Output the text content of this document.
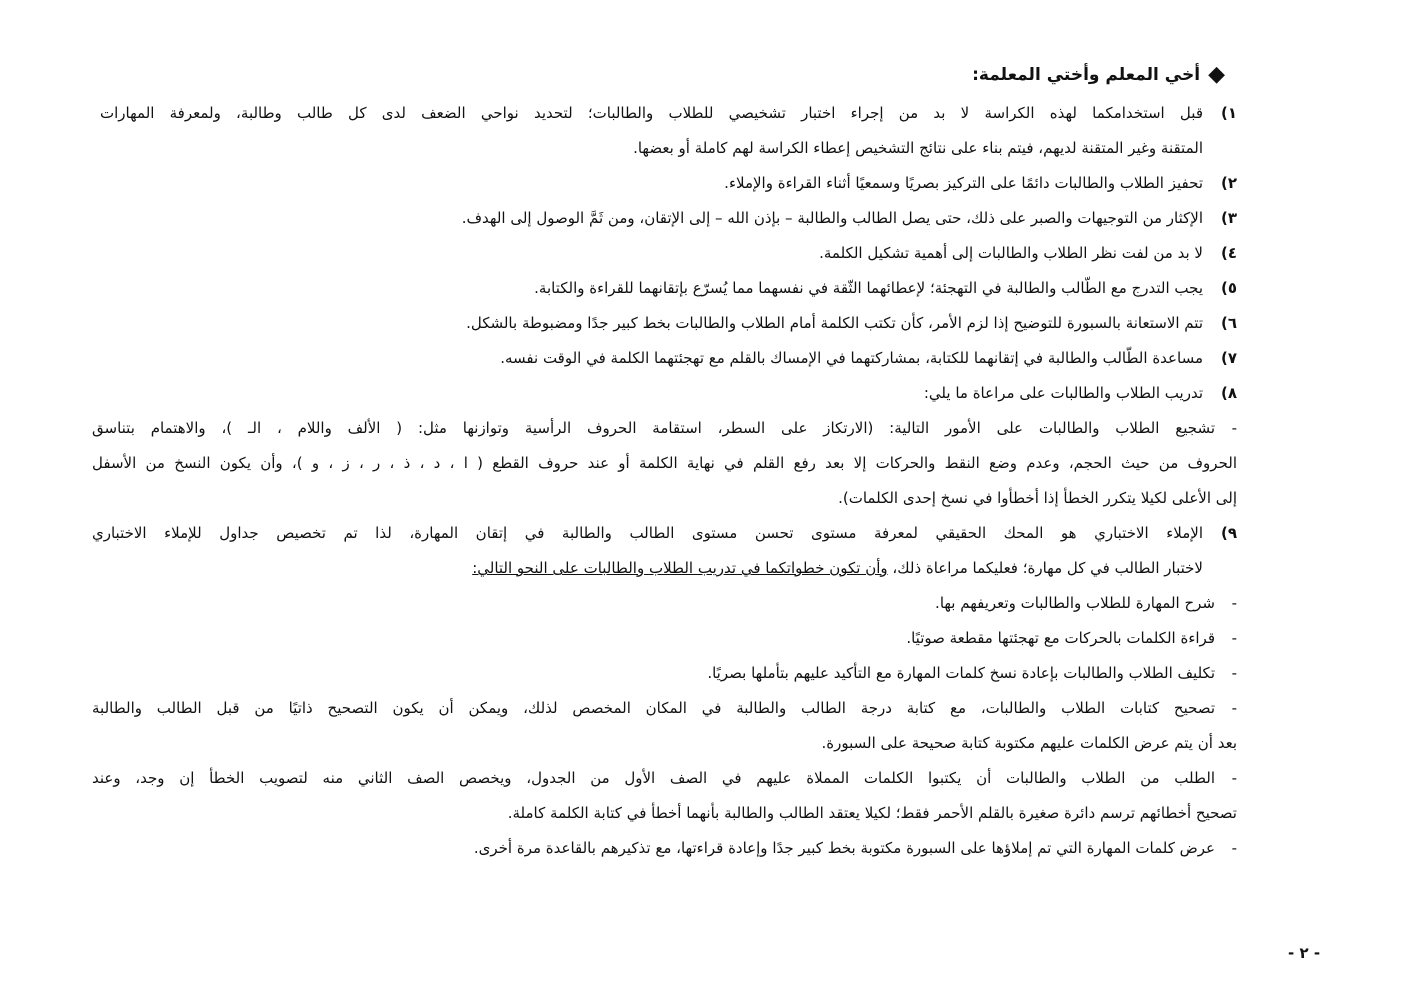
◆
أخي المعلم وأختي المعلمة:
١)
قبل استخدامكما لهذه الكراسة لا بد من إجراء اختبار تشخيصي للطلاب والطالبات؛ لتحديد نواحي الضعف لدى كل طالب وطالبة، ولمعرفة المهارات
المتقنة وغير المتقنة لديهم، فيتم بناء على نتائج التشخيص إعطاء الكراسة لهم كاملة أو بعضها.
٢)
تحفيز الطلاب والطالبات دائمًا على التركيز بصريًا وسمعيًا أثناء القراءة والإملاء.
٣)
الإكثار من التوجيهات والصبر على ذلك، حتى يصل الطالب والطالبة – بإذن الله – إلى الإتقان، ومن ثَمَّ الوصول إلى الهدف.
٤)
لا بد من لفت نظر الطلاب والطالبات إلى أهمية تشكيل الكلمة.
٥)
يجب التدرج مع الطّالب والطالبة في التهجئة؛ لإعطائهما الثّقة في نفسهما مما يُسرّع بإتقانهما للقراءة والكتابة.
٦)
تتم الاستعانة بالسبورة للتوضيح إذا لزم الأمر، كأن تكتب الكلمة أمام الطلاب والطالبات بخط كبير جدًا ومضبوطة بالشكل.
٧)
مساعدة الطّالب والطالبة في إتقانهما للكتابة، بمشاركتهما في الإمساك بالقلم مع تهجئتهما الكلمة في الوقت نفسه.
٨)
تدريب الطلاب والطالبات على مراعاة ما يلي:
-
تشجيع الطلاب والطالبات على الأمور التالية: (الارتكاز على السطر، استقامة الحروف الرأسية وتوازنها مثل: ( الألف واللام ، الـ )، والاهتمام بتناسق
الحروف من حيث الحجم، وعدم وضع النقط والحركات إلا بعد رفع القلم في نهاية الكلمة أو عند حروف القطع ( ا ، د ، ذ ، ر ، ز ، و )، وأن يكون النسخ من الأسفل
إلى الأعلى لكيلا يتكرر الخطأ إذا أخطأوا في نسخ إحدى الكلمات).
٩)
الإملاء الاختباري هو المحك الحقيقي لمعرفة مستوى تحسن مستوى الطالب والطالبة في إتقان المهارة، لذا تم تخصيص جداول للإملاء الاختباري
لاختبار الطالب في كل مهارة؛ فعليكما مراعاة ذلك، وأن تكون خطواتكما في تدريب الطلاب والطالبات على النحو التالي:
-
شرح المهارة للطلاب والطالبات وتعريفهم بها.
-
قراءة الكلمات بالحركات مع تهجئتها مقطعة صوتيًا.
-
تكليف الطلاب والطالبات بإعادة نسخ كلمات المهارة مع التأكيد عليهم بتأملها بصريًا.
-
تصحيح كتابات الطلاب والطالبات، مع كتابة درجة الطالب والطالبة في المكان المخصص لذلك، ويمكن أن يكون التصحيح ذاتيًا من قبل الطالب والطالبة
بعد أن يتم عرض الكلمات عليهم مكتوبة كتابة صحيحة على السبورة.
-
الطلب من الطلاب والطالبات أن يكتبوا الكلمات المملاة عليهم في الصف الأول من الجدول، ويخصص الصف الثاني منه لتصويب الخطأ إن وجد، وعند
تصحيح أخطائهم ترسم دائرة صغيرة بالقلم الأحمر فقط؛ لكيلا يعتقد الطالب والطالبة بأنهما أخطأ في كتابة الكلمة كاملة.
-
عرض كلمات المهارة التي تم إملاؤها على السبورة مكتوبة بخط كبير جدًا وإعادة قراءتها، مع تذكيرهم بالقاعدة مرة أخرى.
- ٢ -
